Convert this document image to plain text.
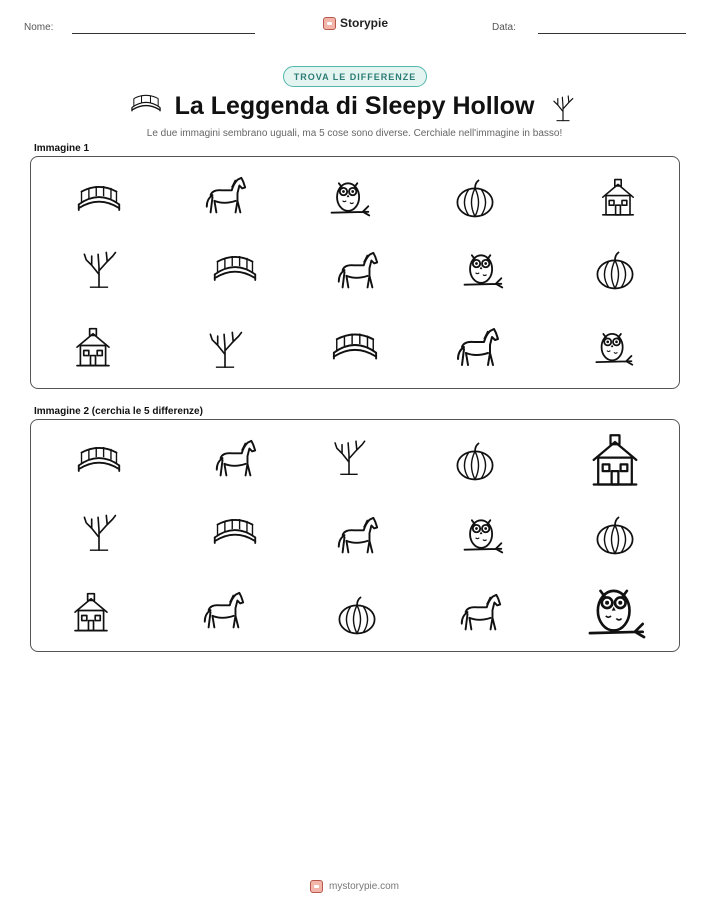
Nome:	Storypie	Data:
TROVA LE DIFFERENZE
La Leggenda di Sleepy Hollow
Le due immagini sembrano uguali, ma 5 cose sono diverse. Cerchiale nell'immagine in basso!
Immagine 1
Immagine 2 (cerchia le 5 differenze)
mystorypie.com
